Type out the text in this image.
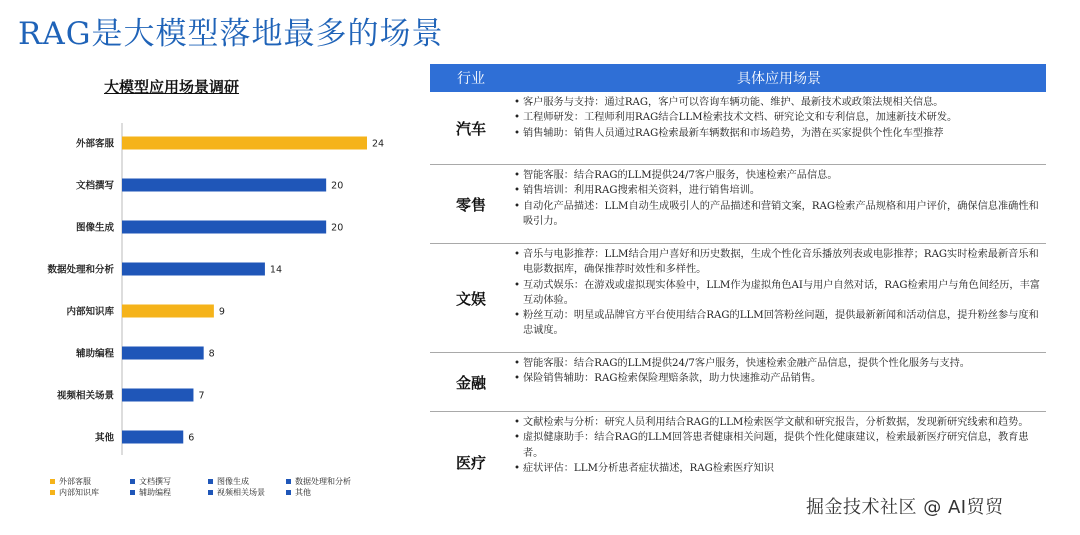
RAG是大模型落地最多的场景
大模型应用场景调研
外部客服	24
文档撰写	20
图像生成	20
数据处理和分析	14
内部知识库	9
辅助编程	8
视频相关场景	7
其他	6
外部客服	文档撰写	图像生成	数据处理和分析
内部知识库	辅助编程	视频相关场景	其他
行业	具体应用场景
汽车
• 客户服务与支持：通过RAG，客户可以咨询车辆功能、维护、最新技术或政策法规相关信息。
• 工程师研发：工程师利用RAG结合LLM检索技术文档、研究论文和专利信息，加速新技术研发。
• 销售辅助：销售人员通过RAG检索最新车辆数据和市场趋势，为潜在买家提供个性化车型推荐
零售
• 智能客服：结合RAG的LLM提供24/7客户服务，快速检索产品信息。
• 销售培训：利用RAG搜索相关资料，进行销售培训。
• 自动化产品描述：LLM自动生成吸引人的产品描述和营销文案，RAG检索产品规格和用户评价，确保信息准确性和吸引力。
文娱
• 音乐与电影推荐：LLM结合用户喜好和历史数据，生成个性化音乐播放列表或电影推荐；RAG实时检索最新音乐和电影数据库，确保推荐时效性和多样性。
• 互动式娱乐：在游戏或虚拟现实体验中，LLM作为虚拟角色AI与用户自然对话，RAG检索用户与角色间经历，丰富互动体验。
• 粉丝互动：明星或品牌官方平台使用结合RAG的LLM回答粉丝问题，提供最新新闻和活动信息，提升粉丝参与度和忠诚度。
金融
• 智能客服：结合RAG的LLM提供24/7客户服务，快速检索金融产品信息，提供个性化服务与支持。
• 保险销售辅助：RAG检索保险理赔条款，助力快速推动产品销售。
医疗
• 文献检索与分析：研究人员利用结合RAG的LLM检索医学文献和研究报告，分析数据，发现新研究线索和趋势。
• 虚拟健康助手：结合RAG的LLM回答患者健康相关问题，提供个性化健康建议，检索最新医疗研究信息，教育患者。
• 症状评估：LLM分析患者症状描述，RAG检索医疗知识
掘金技术社区 @ AI贸贸
